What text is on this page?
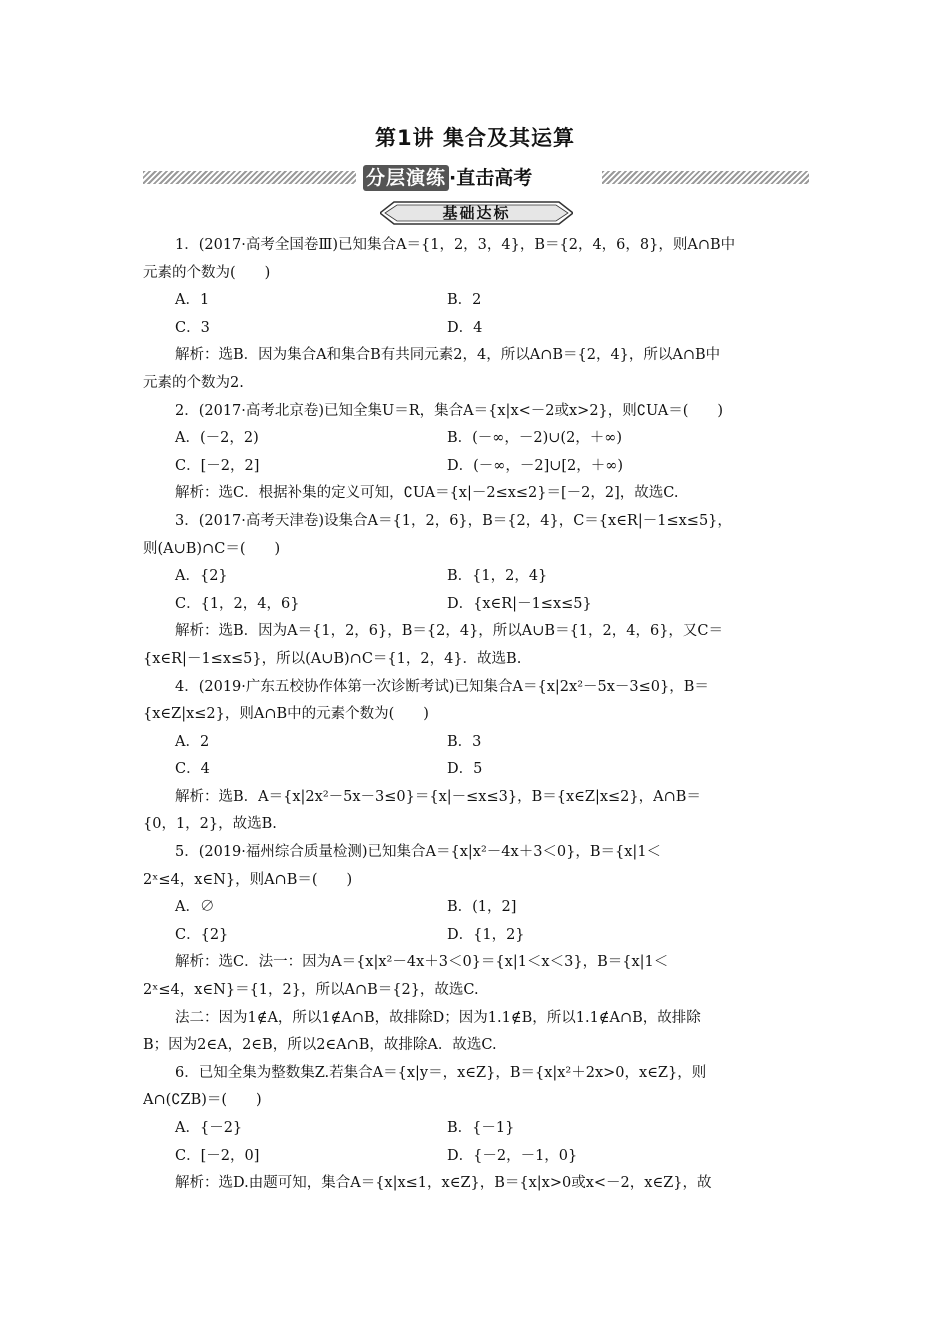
第1讲 集合及其运算
分层演练 ·直击高考
基础达标
1．(2017·高考全国卷Ⅲ)已知集合A＝{1，2，3，4}，B＝{2，4，6，8}，则A∩B中
元素的个数为(　　)
A．1	B．2
C．3	D．4
解析：选B．因为集合A和集合B有共同元素2，4，所以A∩B＝{2，4}，所以A∩B中
元素的个数为2.
2．(2017·高考北京卷)已知全集U＝R，集合A＝{x|x<－2或x>2}，则∁UA＝(　　)
A．(－2，2)	B．(－∞，－2)∪(2，＋∞)
C．[－2，2]	D．(－∞，－2]∪[2，＋∞)
解析：选C．根据补集的定义可知，∁UA＝{x|－2≤x≤2}＝[－2，2]，故选C.
3．(2017·高考天津卷)设集合A＝{1，2，6}，B＝{2，4}，C＝{x∈R|－1≤x≤5}，
则(A∪B)∩C＝(　　)
A．{2}	B．{1，2，4}
C．{1，2，4，6}	D．{x∈R|－1≤x≤5}
解析：选B．因为A＝{1，2，6}，B＝{2，4}，所以A∪B＝{1，2，4，6}，又C＝
{x∈R|－1≤x≤5}，所以(A∪B)∩C＝{1，2，4}．故选B.
4．(2019·广东五校协作体第一次诊断考试)已知集合A＝{x|2x²－5x－3≤0}，B＝
{x∈Z|x≤2}，则A∩B中的元素个数为(　　)
A．2	B．3
C．4	D．5
解析：选B．A＝{x|2x²－5x－3≤0}＝{x|－≤x≤3}，B＝{x∈Z|x≤2}，A∩B＝
{0，1，2}，故选B.
5．(2019·福州综合质量检测)已知集合A＝{x|x²－4x＋3＜0}，B＝{x|1＜
2ˣ≤4，x∈N}，则A∩B＝(　　)
A．∅	B．(1，2]
C．{2}	D．{1，2}
解析：选C．法一：因为A＝{x|x²－4x＋3＜0}＝{x|1＜x＜3}，B＝{x|1＜
2ˣ≤4，x∈N}＝{1，2}，所以A∩B＝{2}，故选C.
法二：因为1∉A，所以1∉A∩B，故排除D；因为1.1∉B，所以1.1∉A∩B，故排除
B；因为2∈A，2∈B，所以2∈A∩B，故排除A．故选C.
6．已知全集为整数集Z.若集合A＝{x|y＝，x∈Z}，B＝{x|x²＋2x>0，x∈Z}，则
A∩(∁ZB)＝(　　)
A．{－2}	B．{－1}
C．[－2，0]	D．{－2，－1，0}
解析：选D.由题可知，集合A＝{x|x≤1，x∈Z}，B＝{x|x>0或x<－2，x∈Z}，故
